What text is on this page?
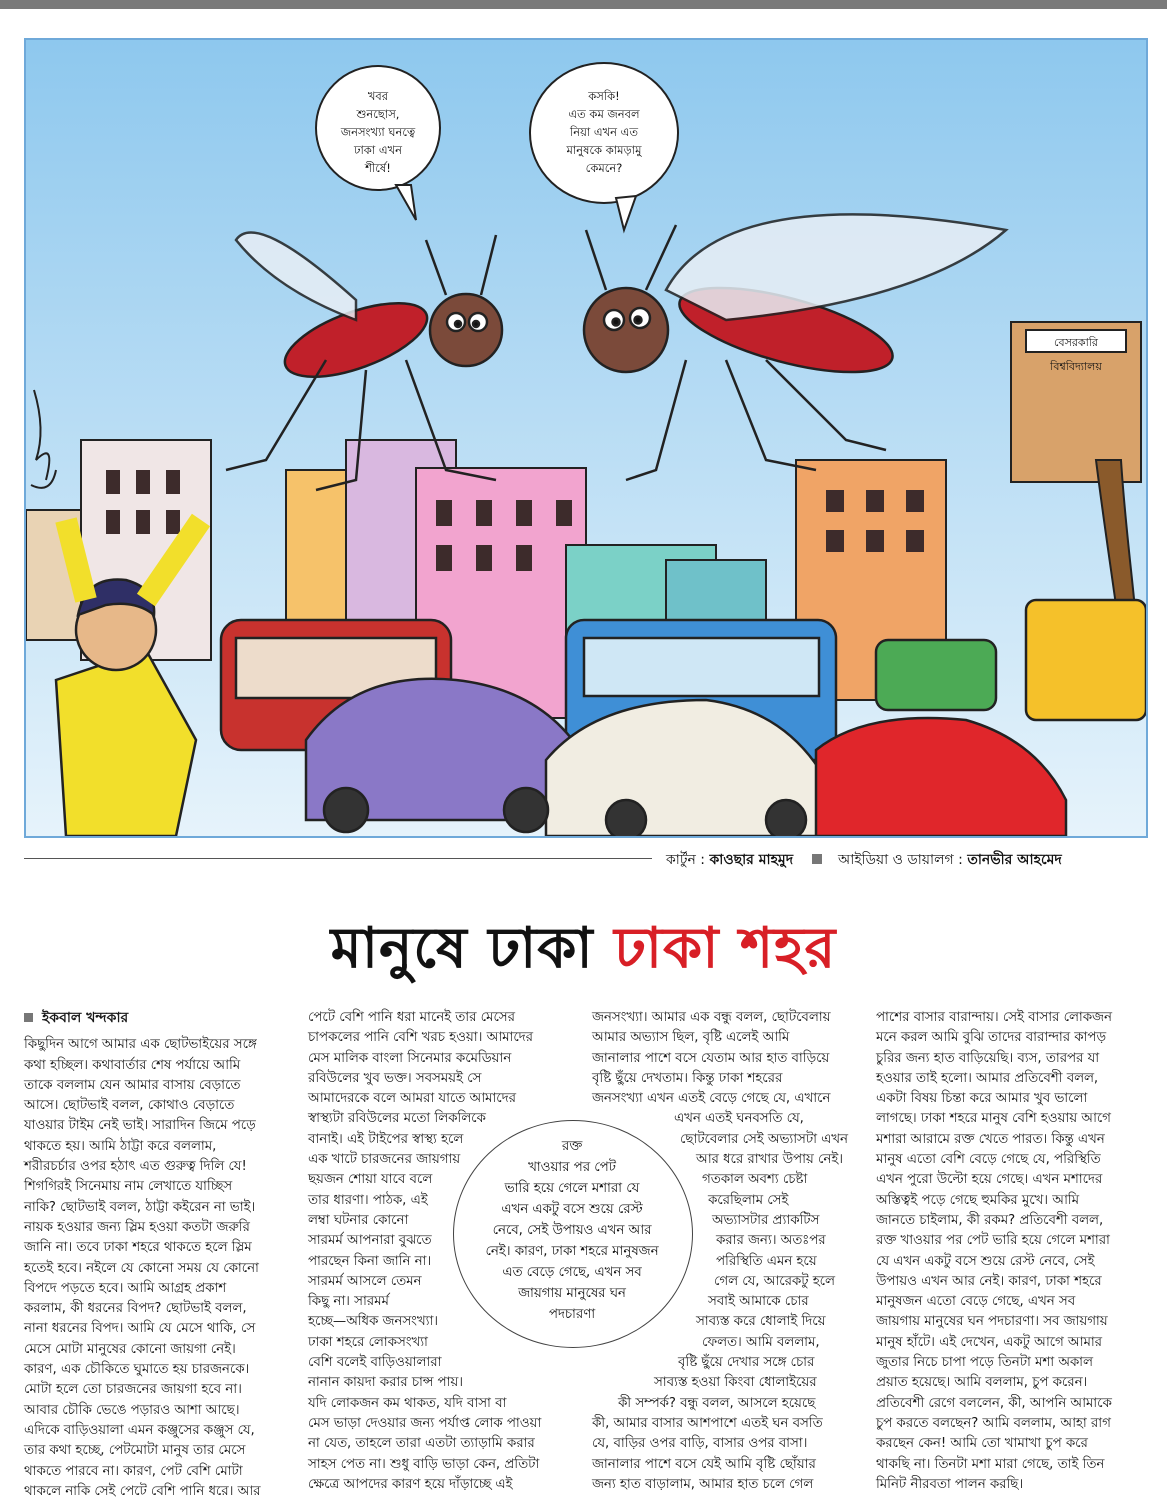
বেসরকারি
বিশ্ববিদ্যালয়
খবর
শুনছোস,
জনসংখ্যা ঘনত্বে
ঢাকা এখন
শীর্ষে!
কসকি!
এত কম জনবল
নিয়া এখন এত
মানুষকে কামড়ামু
কেমনে?
কার্টুন : কাওছার মাহমুদ	আইডিয়া ও ডায়ালগ : তানভীর আহমেদ
মানুষে ঢাকা ঢাকা শহর

ইকবাল খন্দকার

কিছুদিন আগে আমার এক ছোটভাইয়ের সঙ্গে

কথা হচ্ছিল। কথাবার্তার শেষ পর্যায়ে আমি

তাকে বললাম যেন আমার বাসায় বেড়াতে

আসে। ছোটভাই বলল, কোথাও বেড়াতে

যাওয়ার টাইম নেই ভাই। সারাদিন জিমে পড়ে

থাকতে হয়। আমি ঠাট্টা করে বললাম,

শরীরচর্চার ওপর হঠাৎ এত গুরুত্ব দিলি যে!

শিগগিরই সিনেমায় নাম লেখাতে যাচ্ছিস

নাকি? ছোটভাই বলল, ঠাট্টা কইরেন না ভাই।

নায়ক হওয়ার জন্য স্লিম হওয়া কতটা জরুরি

জানি না। তবে ঢাকা শহরে থাকতে হলে স্লিম

হতেই হবে। নইলে যে কোনো সময় যে কোনো

বিপদে পড়তে হবে। আমি আগ্রহ প্রকাশ

করলাম, কী ধরনের বিপদ? ছোটভাই বলল,

নানা ধরনের বিপদ। আমি যে মেসে থাকি, সে

মেসে মোটা মানুষের কোনো জায়গা নেই।

কারণ, এক চৌকিতে ঘুমাতে হয় চারজনকে।

মোটা হলে তো চারজনের জায়গা হবে না।

আবার চৌকি ভেঙে পড়ারও আশা আছে।

এদিকে বাড়িওয়ালা এমন কঞ্জুসের কঞ্জুস যে,

তার কথা হচ্ছে, পেটমোটা মানুষ তার মেসে

থাকতে পারবে না। কারণ, পেট বেশি মোটা

থাকলে নাকি সেই পেটে বেশি পানি ধরে। আর

পেটে বেশি পানি ধরা মানেই তার মেসের

চাপকলের পানি বেশি খরচ হওয়া। আমাদের

মেস মালিক বাংলা সিনেমার কমেডিয়ান

রবিউলের খুব ভক্ত। সবসময়ই সে

আমাদেরকে বলে আমরা যাতে আমাদের

স্বাস্থ্যটা রবিউলের মতো লিকলিকে

বানাই। এই টাইপের স্বাস্থ্য হলে

এক খাটে চারজনের জায়গায়

ছয়জন শোয়া যাবে বলে

তার ধারণা। পাঠক, এই

লম্বা ঘটনার কোনো

সারমর্ম আপনারা বুঝতে

পারছেন কিনা জানি না।

সারমর্ম আসলে তেমন

কিছু না। সারমর্ম

হচ্ছে—অধিক জনসংখ্যা।

ঢাকা শহরে লোকসংখ্যা

বেশি বলেই বাড়িওয়ালারা

নানান কায়দা করার চান্স পায়।

যদি লোকজন কম থাকত, যদি বাসা বা

মেস ভাড়া দেওয়ার জন্য পর্যাপ্ত লোক পাওয়া

না যেত, তাহলে তারা এতটা ত্যাড়ামি করার

সাহস পেত না। শুধু বাড়ি ভাড়া কেন, প্রতিটা

ক্ষেত্রে আপদের কারণ হয়ে দাঁড়াচ্ছে এই

জনসংখ্যা। আমার এক বন্ধু বলল, ছোটবেলায়

আমার অভ্যাস ছিল, বৃষ্টি এলেই আমি

জানালার পাশে বসে যেতাম আর হাত বাড়িয়ে

বৃষ্টি ছুঁয়ে দেখতাম। কিন্তু ঢাকা শহরের

জনসংখ্যা এখন এতই বেড়ে গেছে যে, এখানে

এখন এতই ঘনবসতি যে,

ছোটবেলার সেই অভ্যাসটা এখন

আর ধরে রাখার উপায় নেই।

গতকাল অবশ্য চেষ্টা

করেছিলাম সেই

অভ্যাসটার প্র্যাকটিস

করার জন্য। অতঃপর

পরিস্থিতি এমন হয়ে

গেল যে, আরেকটু হলে

সবাই আমাকে চোর

সাব্যস্ত করে ধোলাই দিয়ে

ফেলত। আমি বললাম,

বৃষ্টি ছুঁয়ে দেখার সঙ্গে চোর

সাব্যস্ত হওয়া কিংবা ধোলাইয়ের

কী সম্পর্ক? বন্ধু বলল, আসলে হয়েছে

কী, আমার বাসার আশপাশে এতই ঘন বসতি

যে, বাড়ির ওপর বাড়ি, বাসার ওপর বাসা।

জানালার পাশে বসে যেই আমি বৃষ্টি ছোঁয়ার

জন্য হাত বাড়ালাম, আমার হাত চলে গেল

পাশের বাসার বারান্দায়। সেই বাসার লোকজন

মনে করল আমি বুঝি তাদের বারান্দার কাপড়

চুরির জন্য হাত বাড়িয়েছি। ব্যস, তারপর যা

হওয়ার তাই হলো। আমার প্রতিবেশী বলল,

একটা বিষয় চিন্তা করে আমার খুব ভালো

লাগছে। ঢাকা শহরে মানুষ বেশি হওয়ায় আগে

মশারা আরামে রক্ত খেতে পারত। কিন্তু এখন

মানুষ এতো বেশি বেড়ে গেছে যে, পরিস্থিতি

এখন পুরো উল্টো হয়ে গেছে। এখন মশাদের

অস্তিত্বই পড়ে গেছে হুমকির মুখে। আমি

জানতে চাইলাম, কী রকম? প্রতিবেশী বলল,

রক্ত খাওয়ার পর পেট ভারি হয়ে গেলে মশারা

যে এখন একটু বসে শুয়ে রেস্ট নেবে, সেই

উপায়ও এখন আর নেই। কারণ, ঢাকা শহরে

মানুষজন এতো বেড়ে গেছে, এখন সব

জায়গায় মানুষের ঘন পদচারণা। সব জায়গায়

মানুষ হাঁটে। এই দেখেন, একটু আগে আমার

জুতার নিচে চাপা পড়ে তিনটা মশা অকাল

প্রয়াত হয়েছে। আমি বললাম, চুপ করেন।

প্রতিবেশী রেগে বললেন, কী, আপনি আমাকে

চুপ করতে বলছেন? আমি বললাম, আহা রাগ

করছেন কেন! আমি তো খামাখা চুপ করে

থাকছি না। তিনটা মশা মারা গেছে, তাই তিন

মিনিট নীরবতা পালন করছি।

রক্ত

খাওয়ার পর পেট

ভারি হয়ে গেলে মশারা যে

এখন একটু বসে শুয়ে রেস্ট

নেবে, সেই উপায়ও এখন আর

নেই। কারণ, ঢাকা শহরে মানুষজন

এত বেড়ে গেছে, এখন সব

জায়গায় মানুষের ঘন

পদচারণা
